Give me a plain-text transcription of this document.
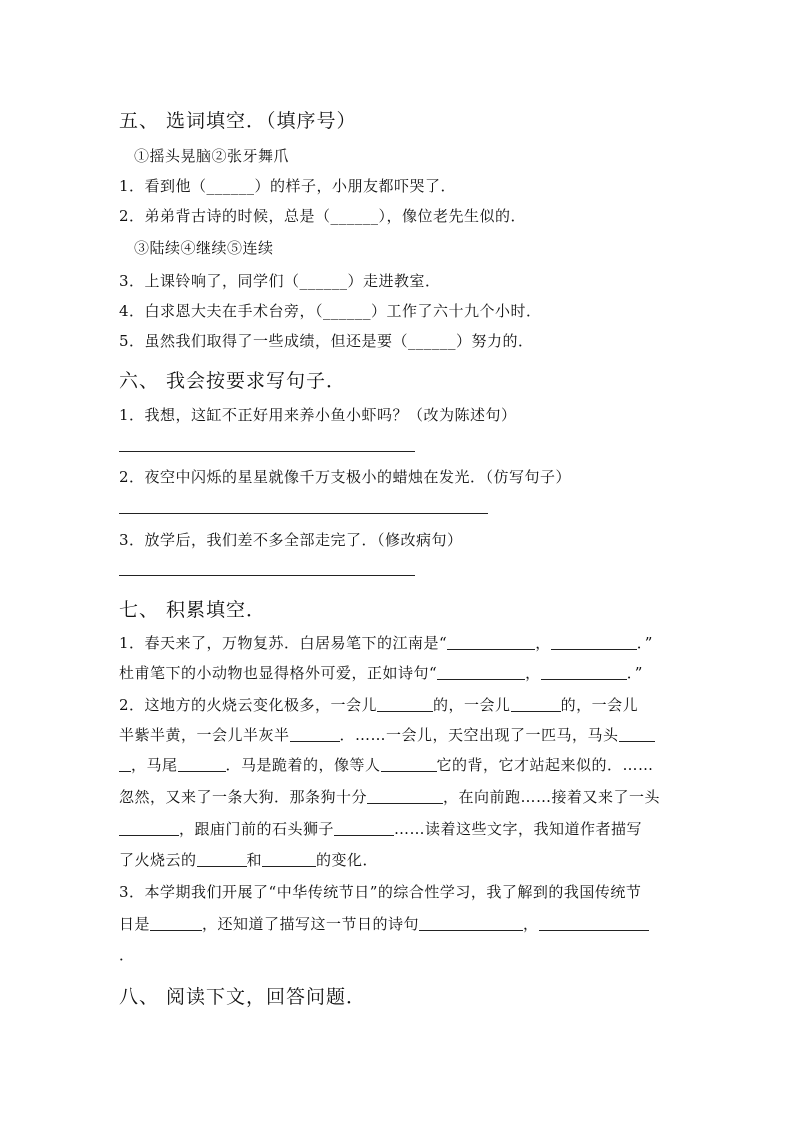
五、 选词填空．（填序号）
①摇头晃脑②张牙舞爪
1．看到他（______）的样子，小朋友都吓哭了．
2．弟弟背古诗的时候，总是（______），像位老先生似的．
③陆续④继续⑤连续
3．上课铃响了，同学们（______）走进教室．
4．白求恩大夫在手术台旁，（______）工作了六十九个小时．
5．虽然我们取得了一些成绩，但还是要（______）努力的．
六、 我会按要求写句子．
1．我想，这缸不正好用来养小鱼小虾吗？（改为陈述句）
2．夜空中闪烁的星星就像千万支极小的蜡烛在发光．（仿写句子）
3．放学后，我们差不多全部走完了．（修改病句）
七、 积累填空．
1．春天来了，万物复苏．白居易笔下的江南是“	，	．”
杜甫笔下的小动物也显得格外可爱，正如诗句“	，	．”
2．这地方的火烧云变化极多，一会儿	的，一会儿	的，一会儿
半紫半黄，一会儿半灰半	．……一会儿，天空出现了一匹马，马头
，马尾	．马是跪着的，像等人	它的背，它才站起来似的．……
忽然，又来了一条大狗．那条狗十分	，在向前跑……接着又来了一头
，跟庙门前的石头狮子	……读着这些文字，我知道作者描写
了火烧云的	和	的变化．
3．本学期我们开展了“中华传统节日”的综合性学习，我了解到的我国传统节
日是	，还知道了描写这一节日的诗句	，
．
八、 阅读下文，回答问题．
